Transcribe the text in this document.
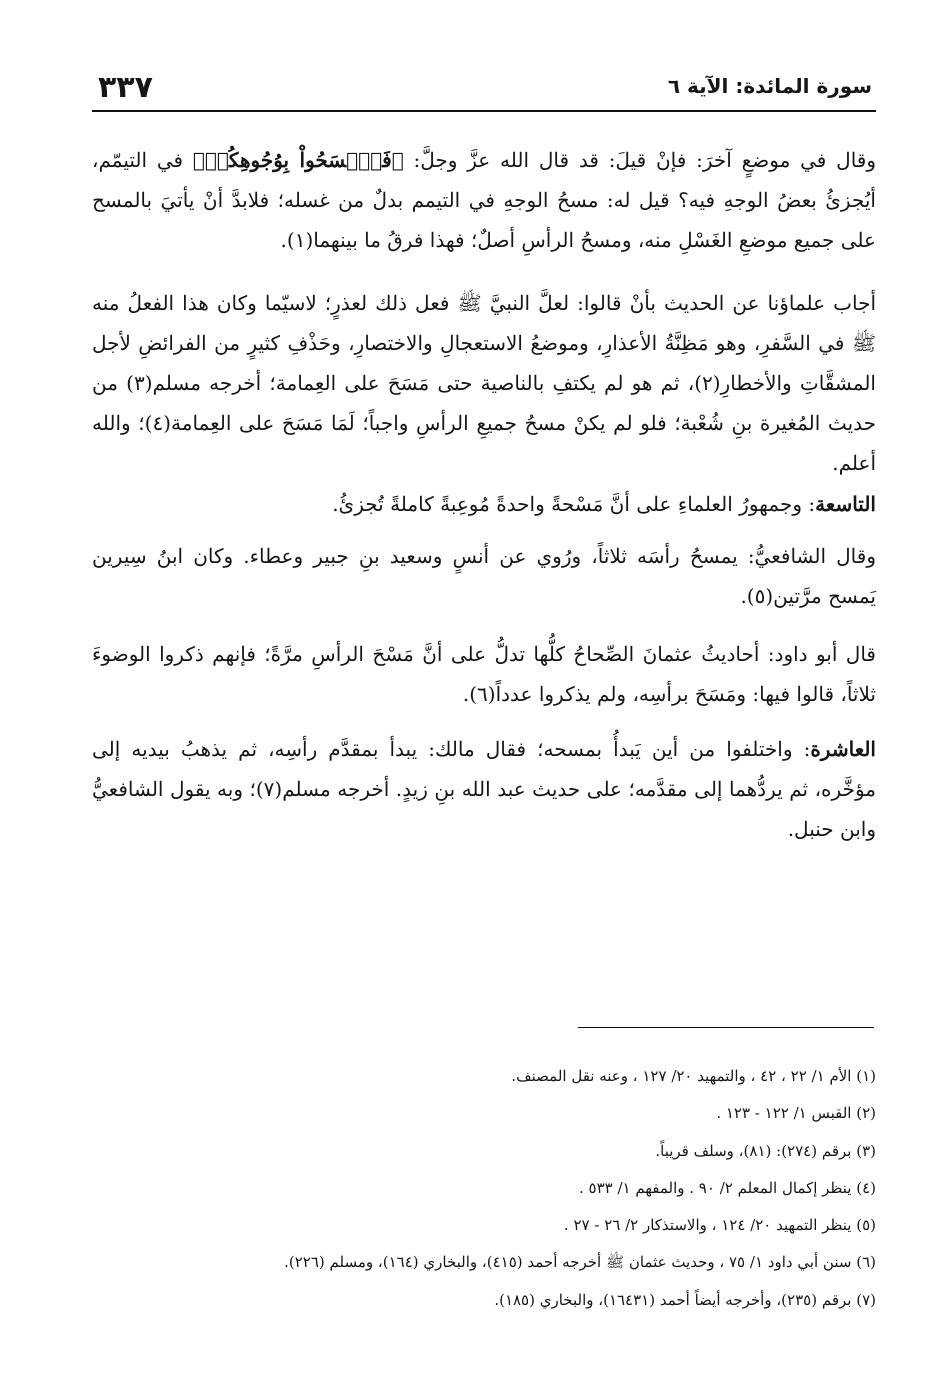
٣٣٧	سورة المائدة: الآية ٦

وقال في موضعٍ آخرَ: فإنْ قيلَ: قد قال الله عزَّ وجلَّ: ﴿فَٱمۡسَحُواْ بِوُجُوهِكُمۡ﴾ في التيمّم، أيُجزئُ بعضُ الوجهِ فيه؟ قيل له: مسحُ الوجهِ في التيمم بدلٌ من غسله؛ فلابدَّ أنْ يأتيَ بالمسح على جميع موضعِ الغَسْلِ منه، ومسحُ الرأسِ أصلٌ؛ فهذا فرقُ ما بينهما(١).

أجاب علماؤنا عن الحديث بأنْ قالوا: لعلَّ النبيَّ ﷺ فعل ذلك لعذرٍ؛ لاسيّما وكان هذا الفعلُ منه ﷺ في السَّفرِ، وهو مَظِنَّةُ الأعذارِ، وموضعُ الاستعجالِ والاختصارِ، وحَذْفِ كثيرٍ من الفرائضِ لأجل المشقَّاتِ والأخطارِ(٢)، ثم هو لم يكتفِ بالناصية حتى مَسَحَ على العِمامة؛ أخرجه مسلم(٣) من حديث المُغيرة بنِ شُعْبة؛ فلو لم يكنْ مسحُ جميعِ الرأسِ واجباً؛ لَمَا مَسَحَ على العِمامة(٤)؛ والله أعلم.

التاسعة: وجمهورُ العلماءِ على أنَّ مَسْحةً واحدةً مُوعِبةً كاملةً تُجزئُ.

وقال الشافعيُّ: يمسحُ رأسَه ثلاثاً، ورُوي عن أنسٍ وسعيد بنِ جبير وعطاء. وكان ابنُ سِيرين يَمسح مرَّتين(٥).

قال أبو داود: أحاديثُ عثمانَ الصِّحاحُ كلُّها تدلُّ على أنَّ مَسْحَ الرأسِ مرَّةً؛ فإنهم ذكروا الوضوءَ ثلاثاً، قالوا فيها: ومَسَحَ برأسِه، ولم يذكروا عدداً(٦).

العاشرة: واختلفوا من أين يَبدأُ بمسحه؛ فقال مالك: يبدأ بمقدَّم رأسِه، ثم يذهبُ بيديه إلى مؤخَّره، ثم يردُّهما إلى مقدَّمه؛ على حديث عبد الله بنِ زيدٍ. أخرجه مسلم(٧)؛ وبه يقول الشافعيُّ وابن حنبل.

(١) الأم ١/ ٢٢ ، ٤٢ ، والتمهيد ٢٠/ ١٢٧ ، وعنه نقل المصنف.
(٢) القبس ١/ ١٢٢ - ١٢٣ .
(٣) برقم (٢٧٤): (٨١)، وسلف قريباً.
(٤) ينظر إكمال المعلم ٢/ ٩٠ . والمفهم ١/ ٥٣٣ .
(٥) ينظر التمهيد ٢٠/ ١٢٤ ، والاستذكار ٢/ ٢٦ - ٢٧ .
(٦) سنن أبي داود ١/ ٧٥ ، وحديث عثمان ﷺ أخرجه أحمد (٤١٥)، والبخاري (١٦٤)، ومسلم (٢٢٦).
(٧) برقم (٢٣٥)، وأخرجه أيضاً أحمد (١٦٤٣١)، والبخاري (١٨٥).
